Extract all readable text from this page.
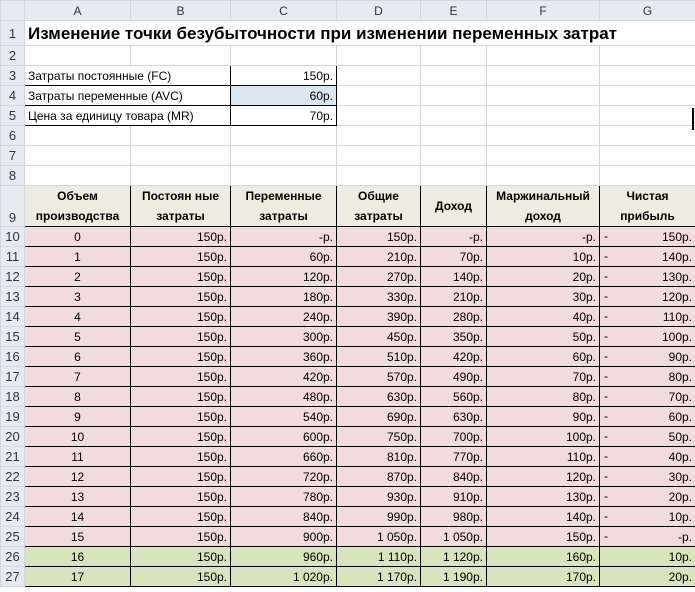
	A	B	C	D	E	F	G
1	Изменение точки безубыточности при изменении переменных затрат						
2							
3	Затраты постоянные (FC)		150р.				
4	Затраты переменные (AVC)		60р.				
5	Цена за единицу товара (MR)		70р.				
6							
7							
8							
9	Объем производства	Постоян ные затраты	Переменные затраты	Общие затраты	Доход	Маржинальный доход	Чистая прибыль
10	0	150р.	-р.	150р.	-р.	-р.	- 150р.

11	1	150р.	60р.	210р.	70р.	10р.	- 140р.

12	2	150р.	120р.	270р.	140р.	20р.	- 130р.

13	3	150р.	180р.	330р.	210р.	30р.	- 120р.

14	4	150р.	240р.	390р.	280р.	40р.	- 110р.

15	5	150р.	300р.	450р.	350р.	50р.	- 100р.

16	6	150р.	360р.	510р.	420р.	60р.	- 90р.

17	7	150р.	420р.	570р.	490р.	70р.	- 80р.

18	8	150р.	480р.	630р.	560р.	80р.	- 70р.

19	9	150р.	540р.	690р.	630р.	90р.	- 60р.

20	10	150р.	600р.	750р.	700р.	100р.	- 50р.

21	11	150р.	660р.	810р.	770р.	110р.	- 40р.

22	12	150р.	720р.	870р.	840р.	120р.	- 30р.

23	13	150р.	780р.	930р.	910р.	130р.	- 20р.

24	14	150р.	840р.	990р.	980р.	140р.	- 10р.

25	15	150р.	900р.	1 050р.	1 050р.	150р.	- -р.

26	16	150р.	960р.	1 110р.	1 120р.	160р.	10р.

27	17	150р.	1 020р.	1 170р.	1 190р.	170р.	20р.
